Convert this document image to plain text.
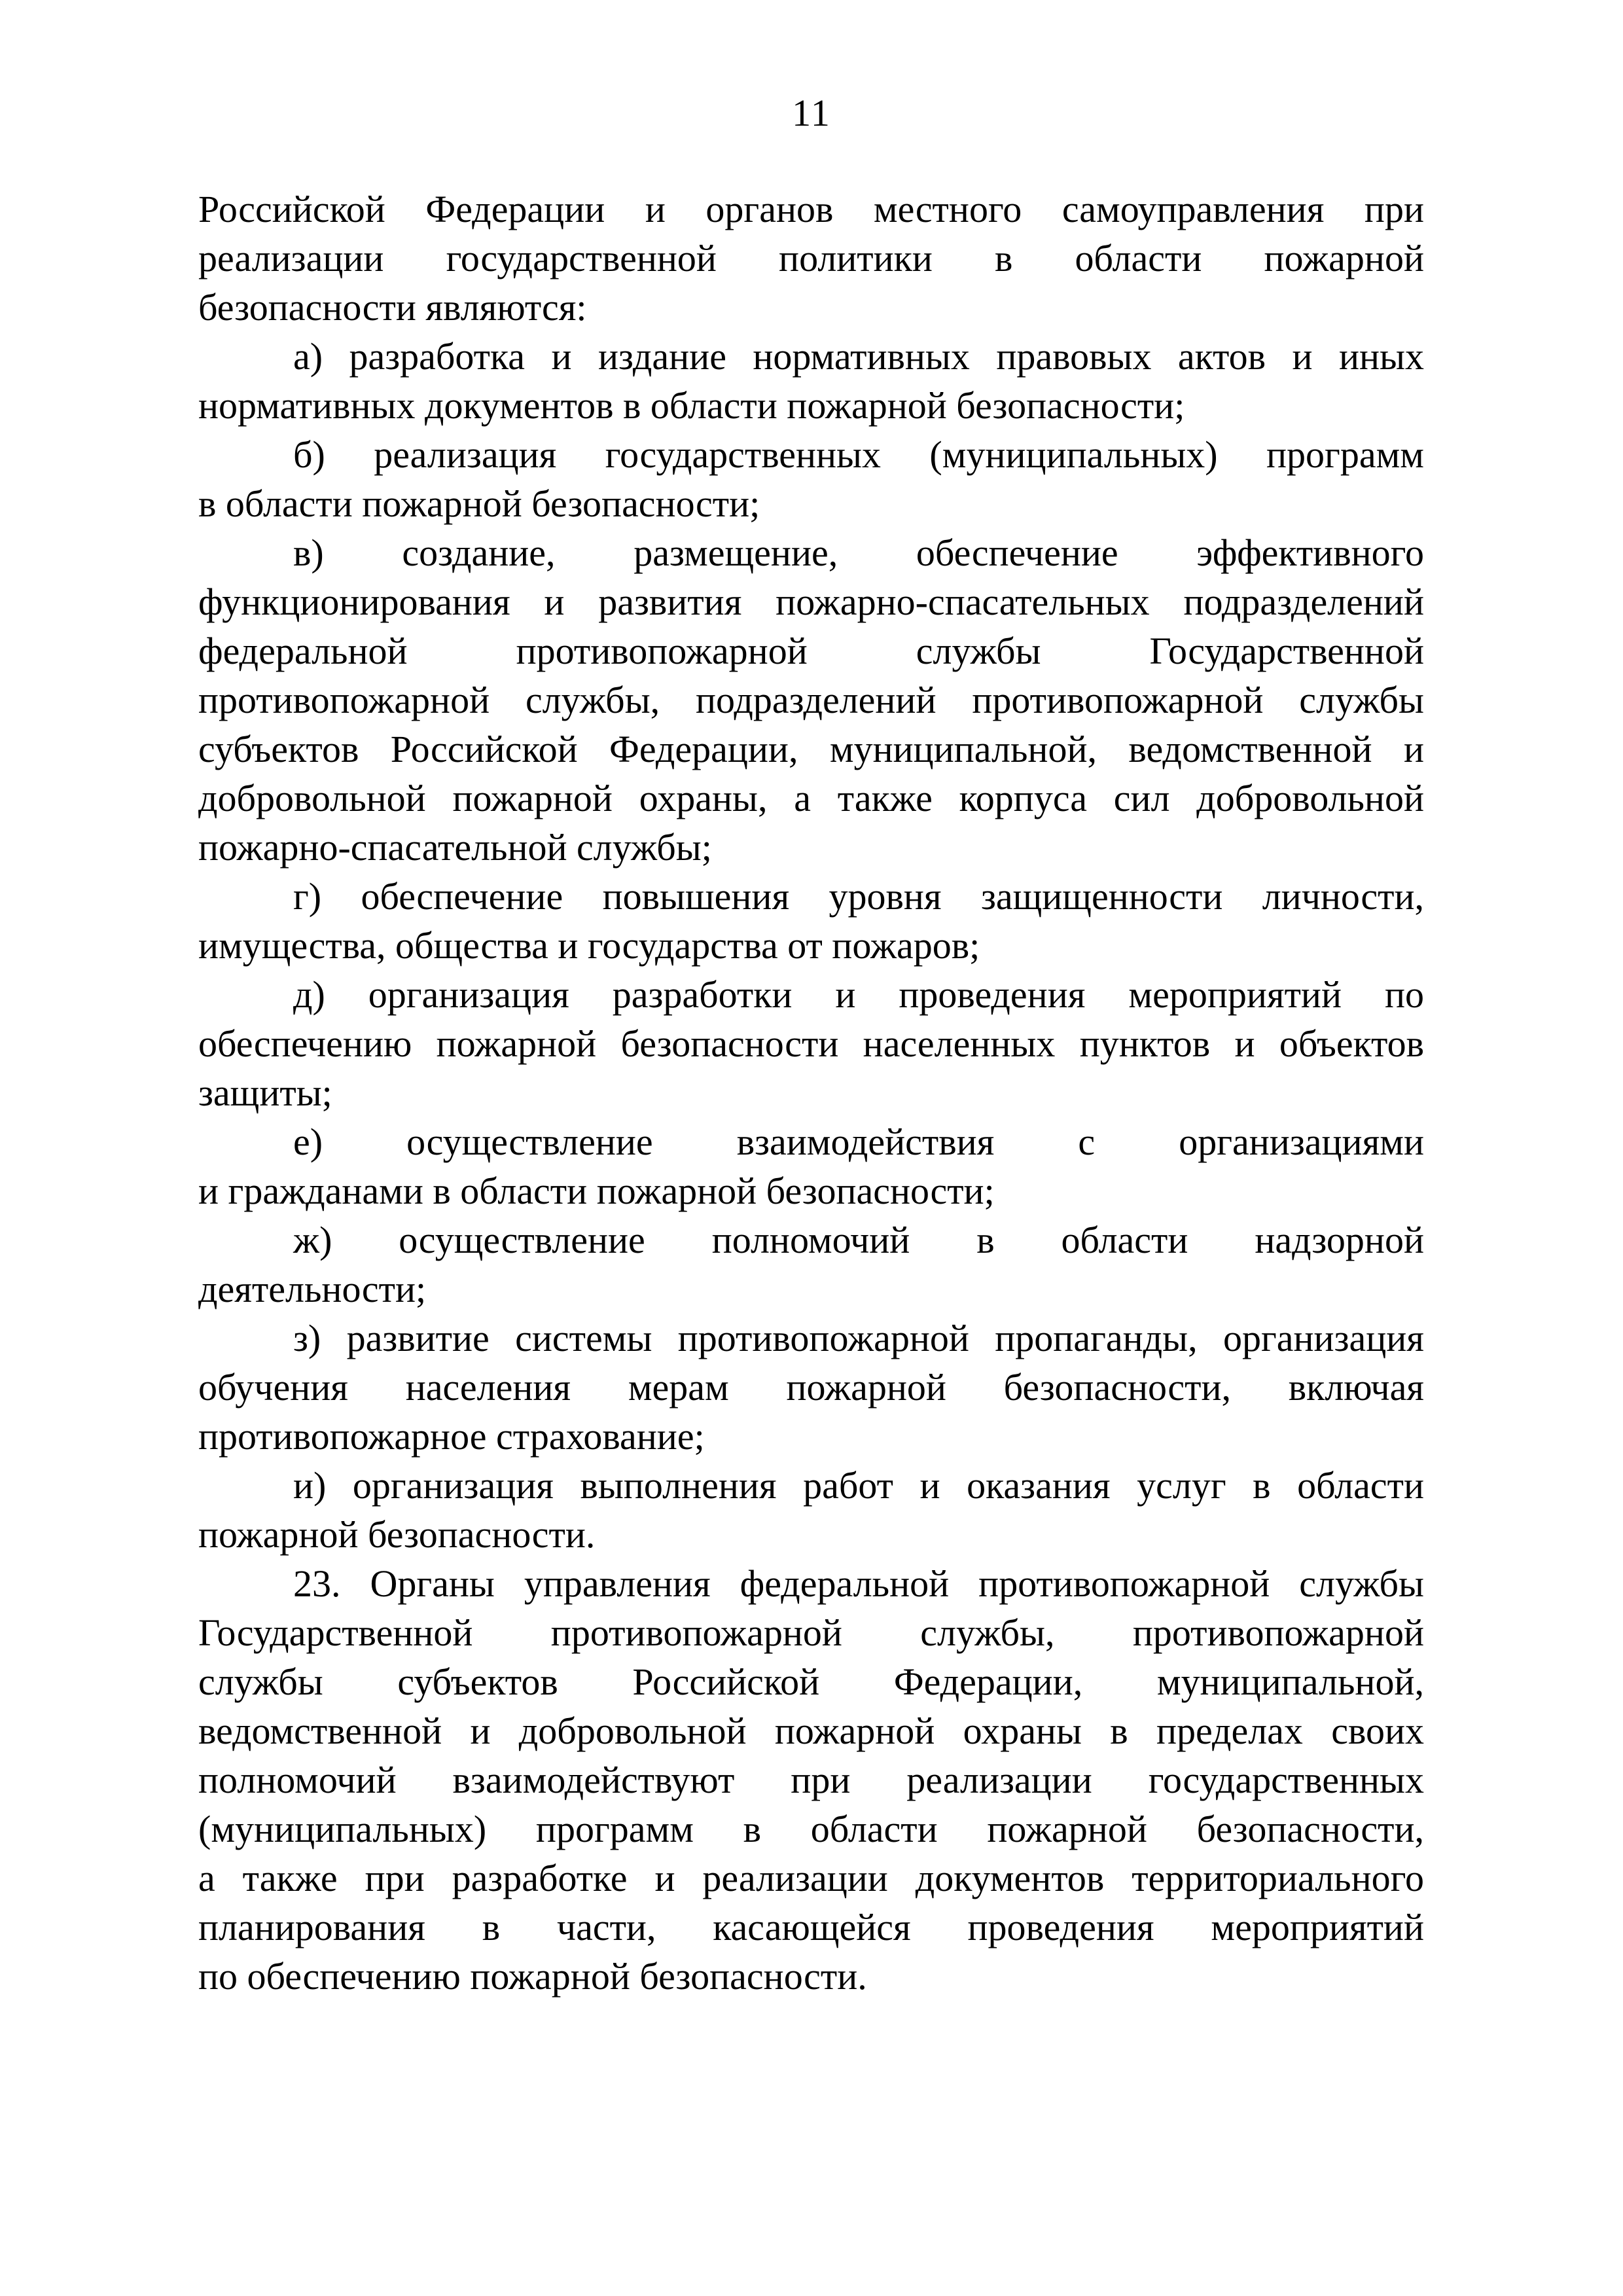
11
Российской Федерации и органов местного самоуправления при
реализации государственной политики в области пожарной
безопасности являются:
а) разработка и издание нормативных правовых актов и иных
нормативных документов в области пожарной безопасности;
б) реализация государственных (муниципальных) программ
в области пожарной безопасности;
в) создание, размещение, обеспечение эффективного
функционирования и развития пожарно-спасательных подразделений
федеральной противопожарной службы Государственной
противопожарной службы, подразделений противопожарной службы
субъектов Российской Федерации, муниципальной, ведомственной и
добровольной пожарной охраны, а также корпуса сил добровольной
пожарно-спасательной службы;
г) обеспечение повышения уровня защищенности личности,
имущества, общества и государства от пожаров;
д) организация разработки и проведения мероприятий по
обеспечению пожарной безопасности населенных пунктов и объектов
защиты;
е) осуществление взаимодействия с организациями
и гражданами в области пожарной безопасности;
ж) осуществление полномочий в области надзорной
деятельности;
з) развитие системы противопожарной пропаганды, организация
обучения населения мерам пожарной безопасности, включая
противопожарное страхование;
и) организация выполнения работ и оказания услуг в области
пожарной безопасности.
23. Органы управления федеральной противопожарной службы
Государственной противопожарной службы, противопожарной
службы субъектов Российской Федерации, муниципальной,
ведомственной и добровольной пожарной охраны в пределах своих
полномочий взаимодействуют при реализации государственных
(муниципальных) программ в области пожарной безопасности,
а также при разработке и реализации документов территориального
планирования в части, касающейся проведения мероприятий
по обеспечению пожарной безопасности.
